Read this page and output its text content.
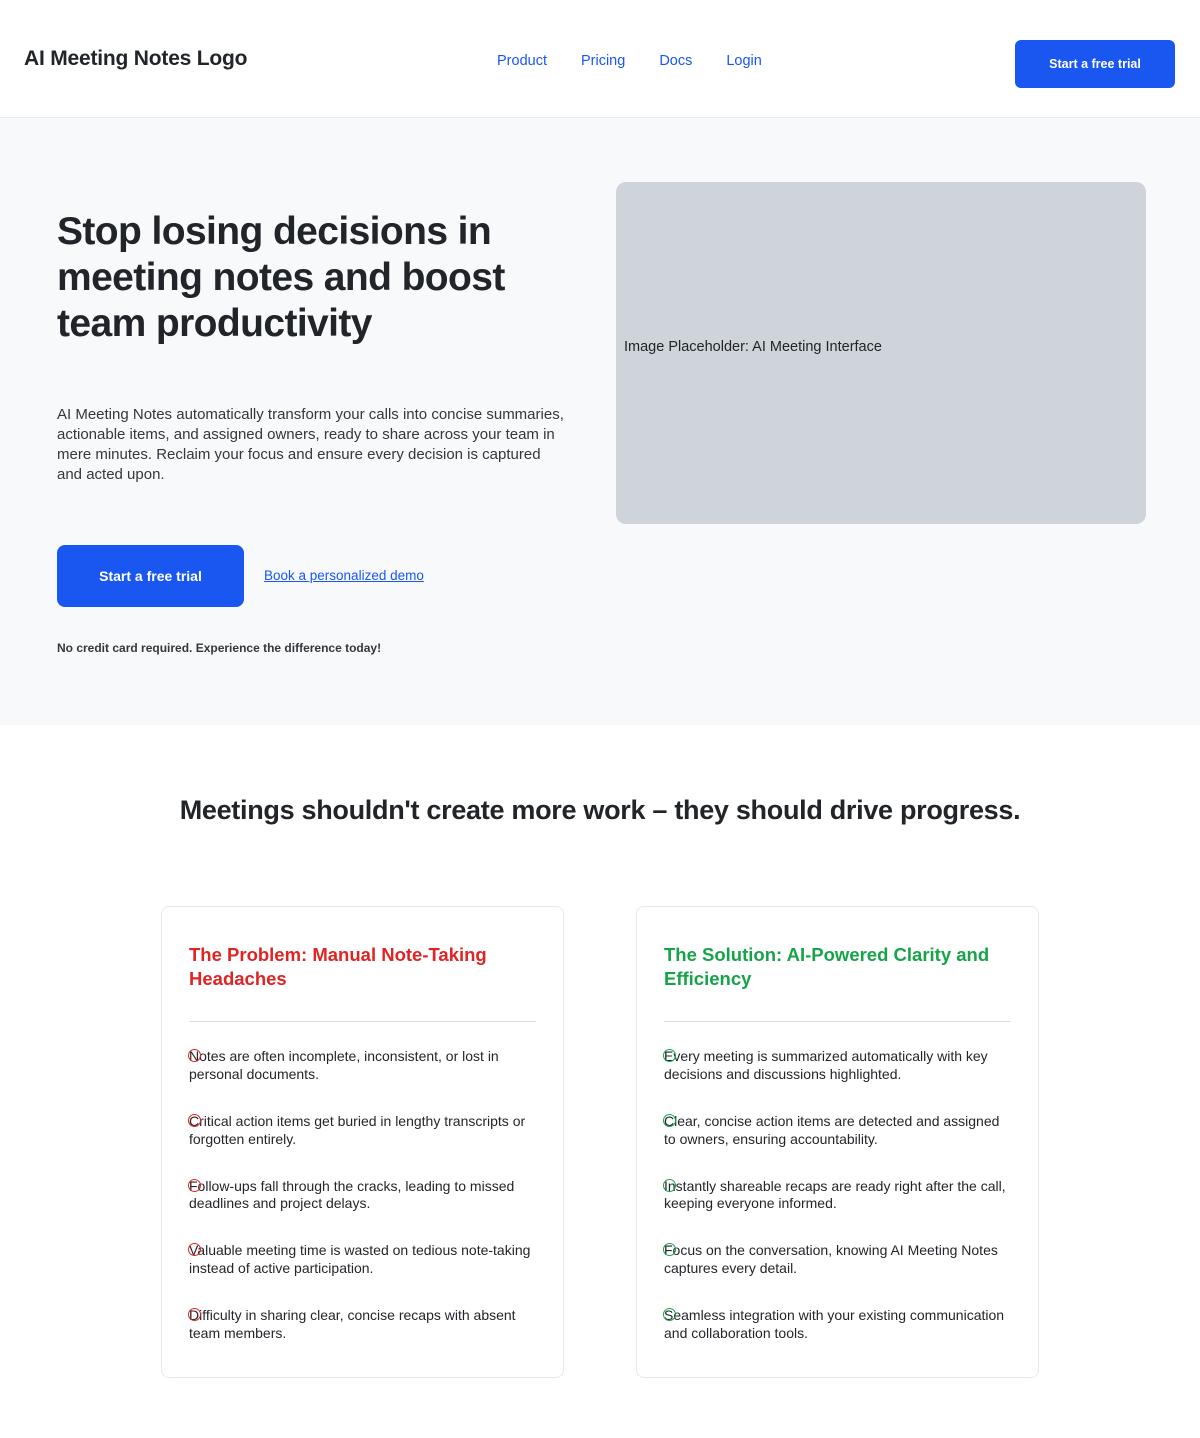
AI Meeting Notes Logo	Product Pricing Docs Login	Start a free trial
Stop losing decisions in meeting notes and boost team productivity

AI Meeting Notes automatically transform your calls into concise summaries, actionable items, and assigned owners, ready to share across your team in mere minutes. Reclaim your focus and ensure every decision is captured and acted upon.

Start a free trial	Book a personalized demo
No credit card required. Experience the difference today!
Image Placeholder: AI Meeting Interface
Meetings shouldn't create more work – they should drive progress.
The Problem: Manual Note-Taking Headaches
Notes are often incomplete, inconsistent, or lost in personal documents.
Critical action items get buried in lengthy transcripts or forgotten entirely.
Follow-ups fall through the cracks, leading to missed deadlines and project delays.
Valuable meeting time is wasted on tedious note-taking instead of active participation.
Difficulty in sharing clear, concise recaps with absent team members.
The Solution: AI-Powered Clarity and Efficiency
Every meeting is summarized automatically with key decisions and discussions highlighted.
Clear, concise action items are detected and assigned to owners, ensuring accountability.
Instantly shareable recaps are ready right after the call, keeping everyone informed.
Focus on the conversation, knowing AI Meeting Notes captures every detail.
Seamless integration with your existing communication and collaboration tools.
